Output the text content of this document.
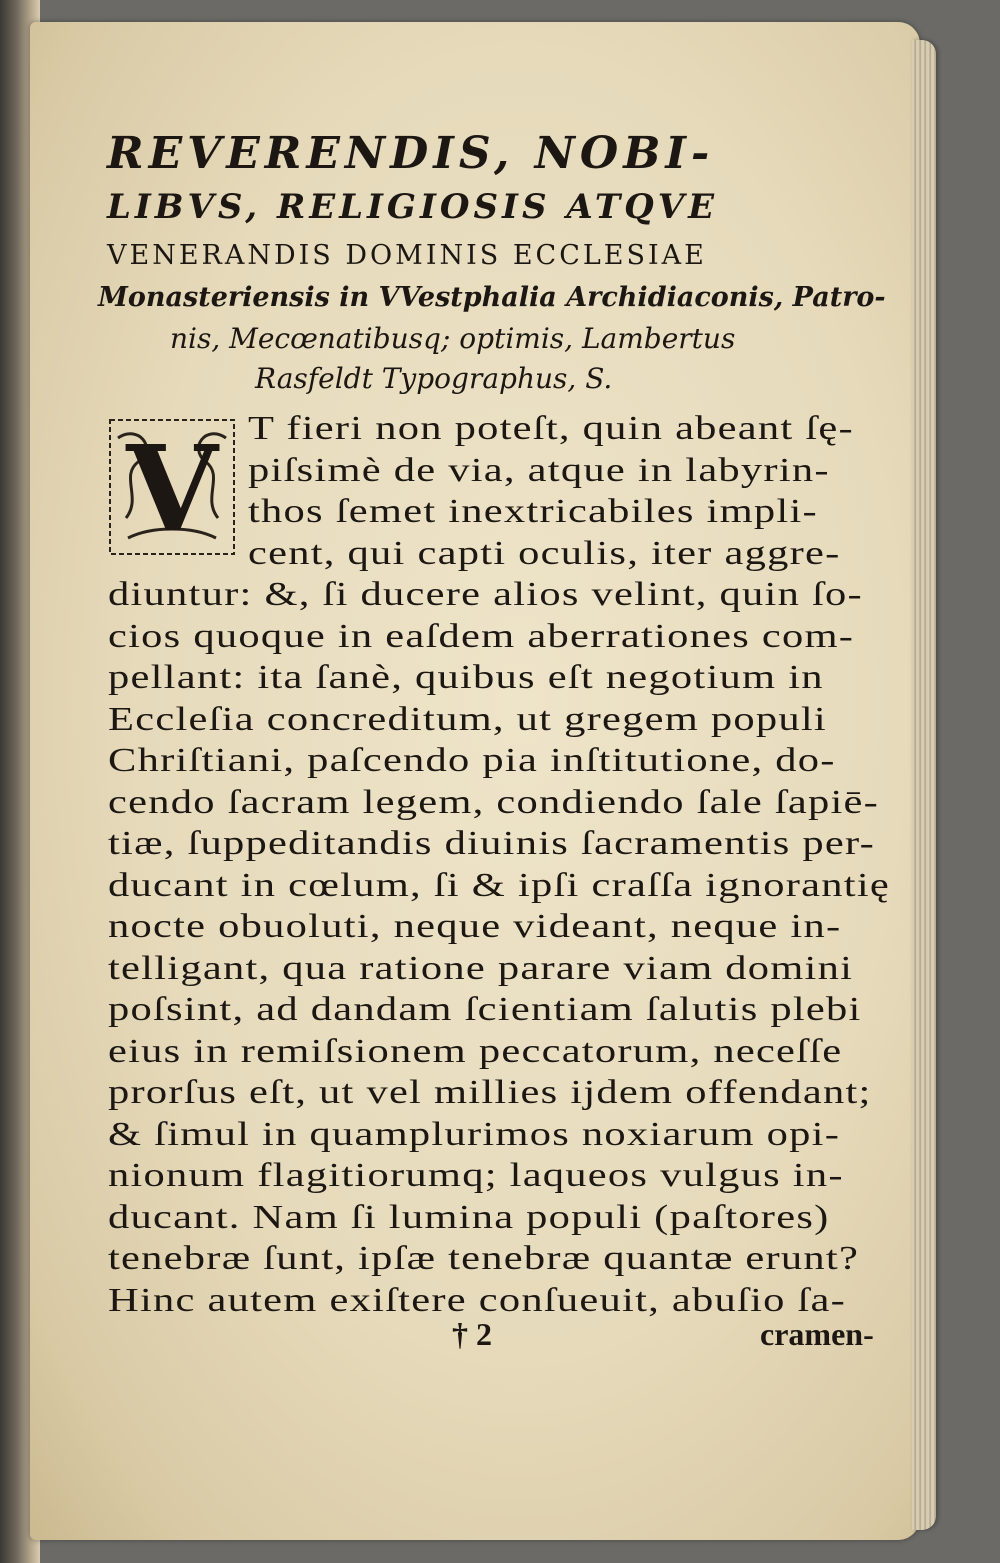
REVERENDIS, NOBI-
LIBVS, RELIGIOSIS ATQVE
VENERANDIS DOMINIS ECCLESIAE
Monasteriensis in VVestphalia Archidiaconis, Patro-
nis, Mecœnatibusq; optimis, Lambertus
Rasfeldt Typographus, S.
V T fieri non poteſt, quin abeant ſę-
piſsimè de via, atque in labyrin-
thos ſemet inextricabiles impli-
cent, qui capti oculis, iter aggre-
diuntur: &, ſi ducere alios velint, quin ſo-
cios quoque in eaſdem aberrationes com-
pellant: ita ſanè, quibus eſt negotium in
Eccleſia concreditum, ut gregem populi
Chriſtiani, paſcendo pia inſtitutione, do-
cendo ſacram legem, condiendo ſale ſapiē-
tiæ, ſuppeditandis diuinis ſacramentis per-
ducant in cœlum, ſi & ipſi craſſa ignorantię
nocte obuoluti, neque videant, neque in-
telligant, qua ratione parare viam domini
poſsint, ad dandam ſcientiam ſalutis plebi
eius in remiſsionem peccatorum, neceſſe
prorſus eſt, ut vel millies ijdem offendant;
& ſimul in quamplurimos noxiarum opi-
nionum flagitiorumq; laqueos vulgus in-
ducant. Nam ſi lumina populi (paſtores)
tenebræ ſunt, ipſæ tenebræ quantæ erunt?
Hinc autem exiſtere conſueuit, abuſio ſa-
† 2	cramen-
